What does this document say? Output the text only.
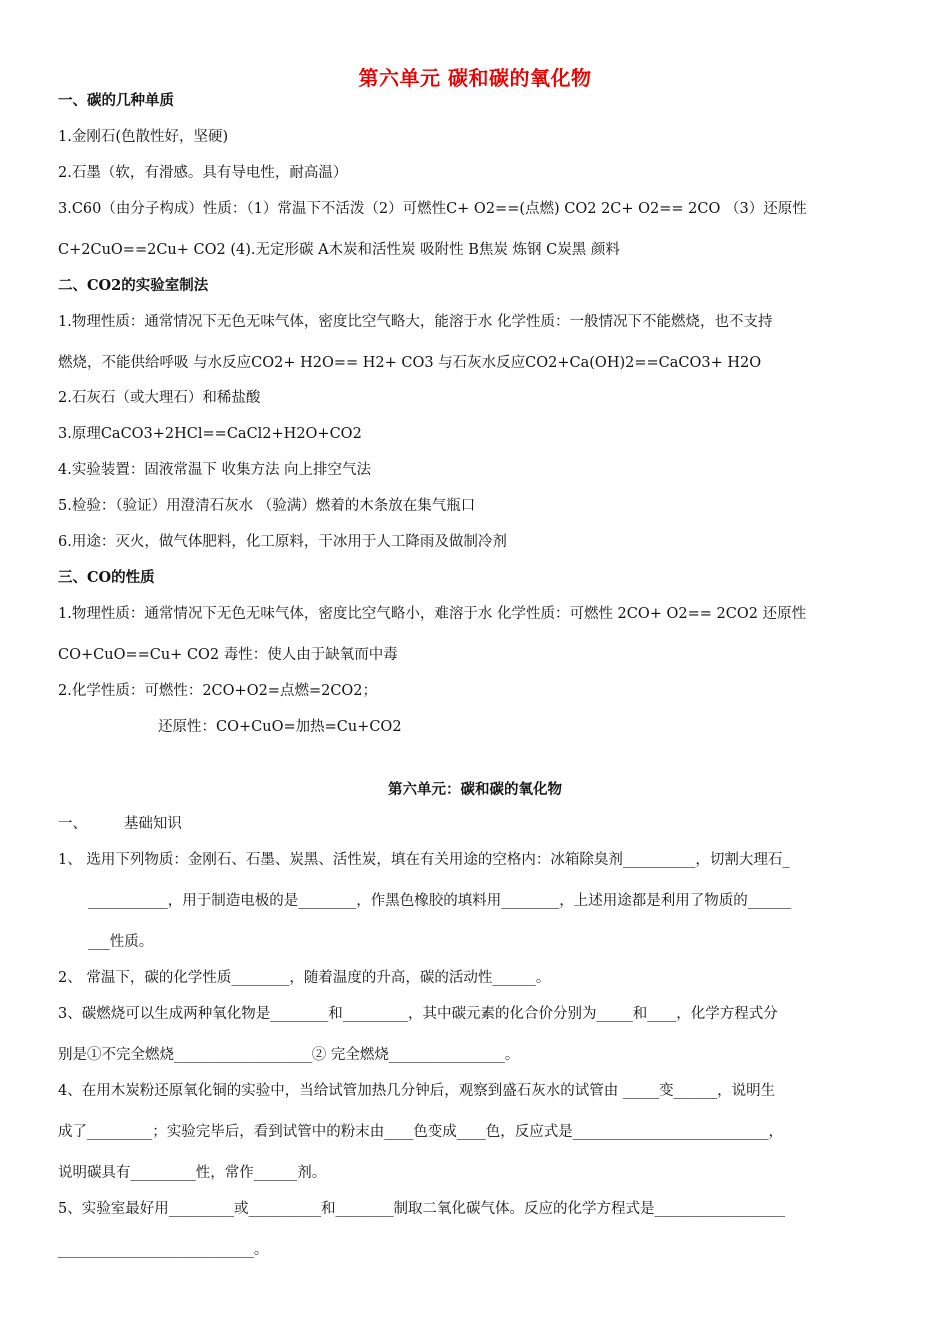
第六单元 碳和碳的氧化物
一、碳的几种单质
1.金刚石(色散性好，坚硬)
2.石墨（软，有滑感。具有导电性，耐高温）
3.C60（由分子构成）性质：（1）常温下不活泼（2）可燃性C+ O2==(点燃) CO2 2C+ O2== 2CO （3）还原性
C+2CuO==2Cu+ CO2 (4).无定形碳 A木炭和活性炭 吸附性 B焦炭 炼钢 C炭黑 颜料
二、CO2的实验室制法
1.物理性质：通常情况下无色无味气体，密度比空气略大，能溶于水 化学性质：一般情况下不能燃烧，也不支持
燃烧，不能供给呼吸 与水反应CO2+ H2O== H2+ CO3 与石灰水反应CO2+Ca(OH)2==CaCO3+ H2O
2.石灰石（或大理石）和稀盐酸
3.原理CaCO3+2HCl==CaCl2+H2O+CO2
4.实验装置：固液常温下 收集方法 向上排空气法
5.检验：（验证）用澄清石灰水 （验满）燃着的木条放在集气瓶口
6.用途：灭火，做气体肥料，化工原料，干冰用于人工降雨及做制冷剂
三、CO的性质
1.物理性质：通常情况下无色无味气体，密度比空气略小，难溶于水 化学性质：可燃性 2CO+ O2== 2CO2 还原性
CO+CuO==Cu+ CO2 毒性：使人由于缺氧而中毒
2.化学性质：可燃性：2CO+O2=点燃=2CO2；
还原性：CO+CuO=加热=Cu+CO2
第六单元：碳和碳的氧化物
一、        基础知识
1、 选用下列物质：金刚石、石墨、炭黑、活性炭，填在有关用途的空格内：冰箱除臭剂__________，切割大理石_
___________，用于制造电极的是________，作黑色橡胶的填料用________，上述用途都是利用了物质的______
___性质。
2、 常温下，碳的化学性质________，随着温度的升高，碳的活动性______。
3、碳燃烧可以生成两种氧化物是________和_________，其中碳元素的化合价分别为_____和____，化学方程式分
别是①不完全燃烧___________________② 完全燃烧________________。
4、在用木炭粉还原氧化铜的实验中，当给试管加热几分钟后，观察到盛石灰水的试管由 _____变______，说明生
成了_________；实验完毕后，看到试管中的粉末由____色变成____色，反应式是___________________________，
说明碳具有_________性，常作______剂。
5、实验室最好用_________或__________和________制取二氧化碳气体。反应的化学方程式是__________________
___________________________。
